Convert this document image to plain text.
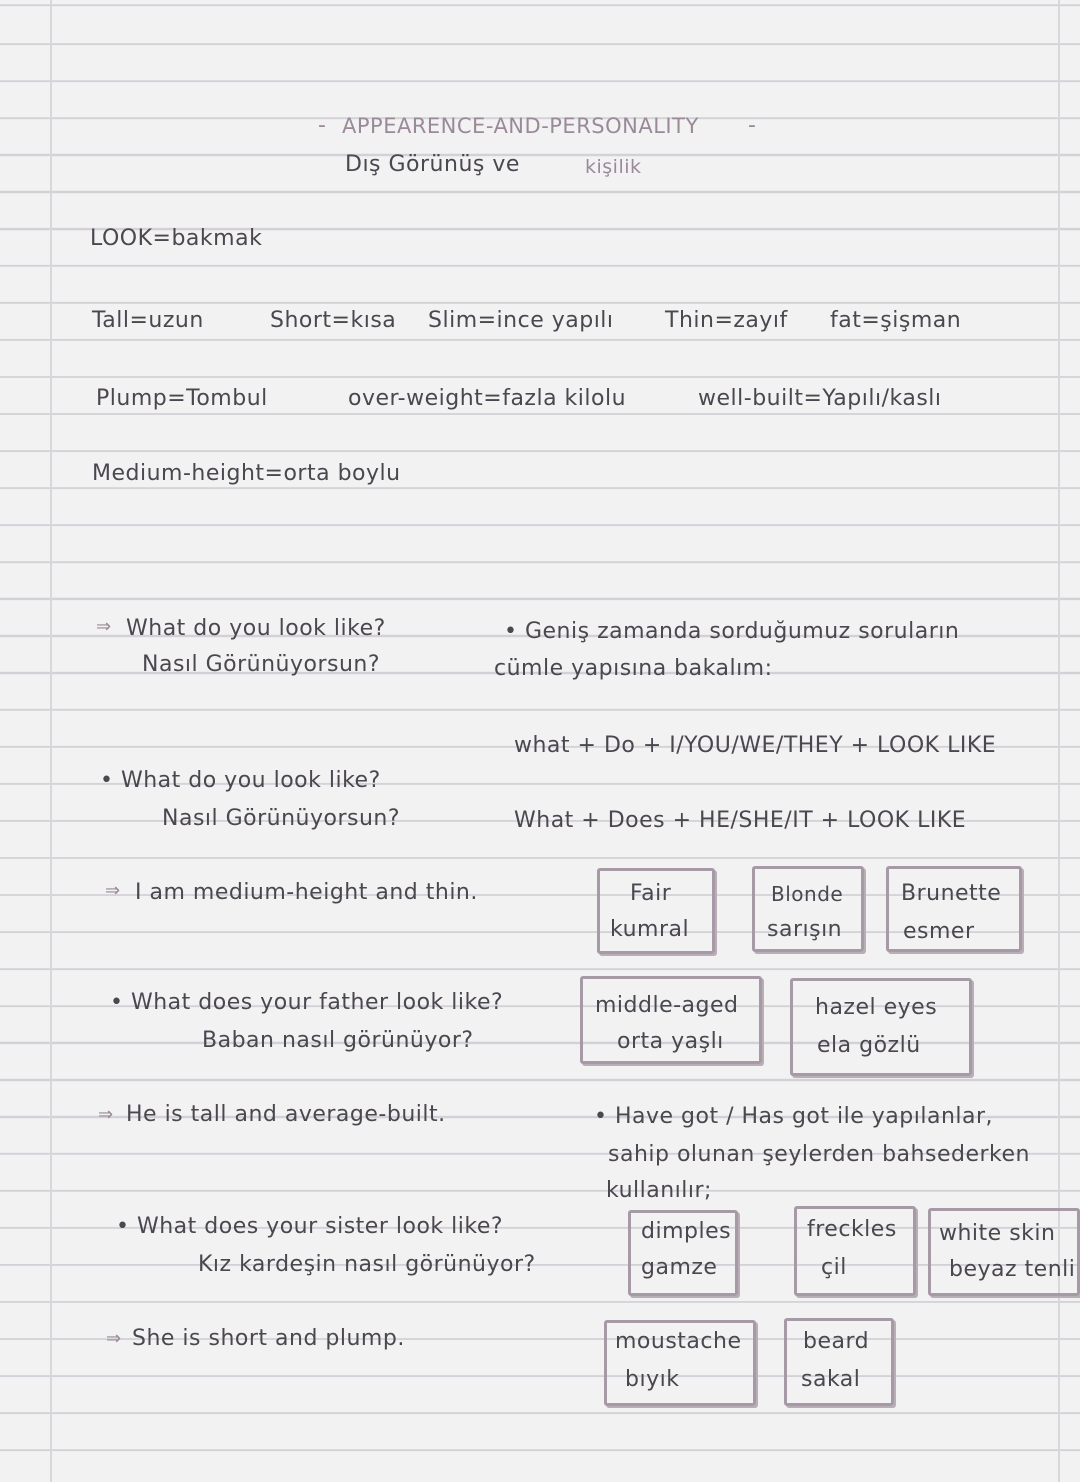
- APPEARENCE-AND-PERSONALITY -
Dış Görünüş ve	kişilik
LOOK=bakmak
Tall=uzun	Short=kısa Slim=ince yapılı Thin=zayıf fat=şişman
Plump=Tombul	over-weight=fazla kilolu	well-built=Yapılı/kaslı
Medium-height=orta boylu
⇒ What do you look like?
Nasıl Görünüyorsun?
• Geniş zamanda sorduğumuz soruların
cümle yapısına bakalım:
what + Do + I/YOU/WE/THEY + LOOK LIKE
• What do you look like?
Nasıl Görünüyorsun?	What + Does + HE/SHE/IT + LOOK LIKE
⇒ I am medium-height and thin.	Fair
kumral
Blonde
sarışın
Brunette
esmer
• What does your father look like?
Baban nasıl görünüyor?
middle-aged
orta yaşlı
hazel eyes
ela gözlü
⇒ He is tall and average-built.	• Have got / Has got ile yapılanlar,
sahip olunan şeylerden bahsederken
kullanılır;
• What does your sister look like?
Kız kardeşin nasıl görünüyor?
dimples
gamze
freckles
çil
white skin
beyaz tenli
⇒ She is short and plump.	moustache
bıyık
beard
sakal
